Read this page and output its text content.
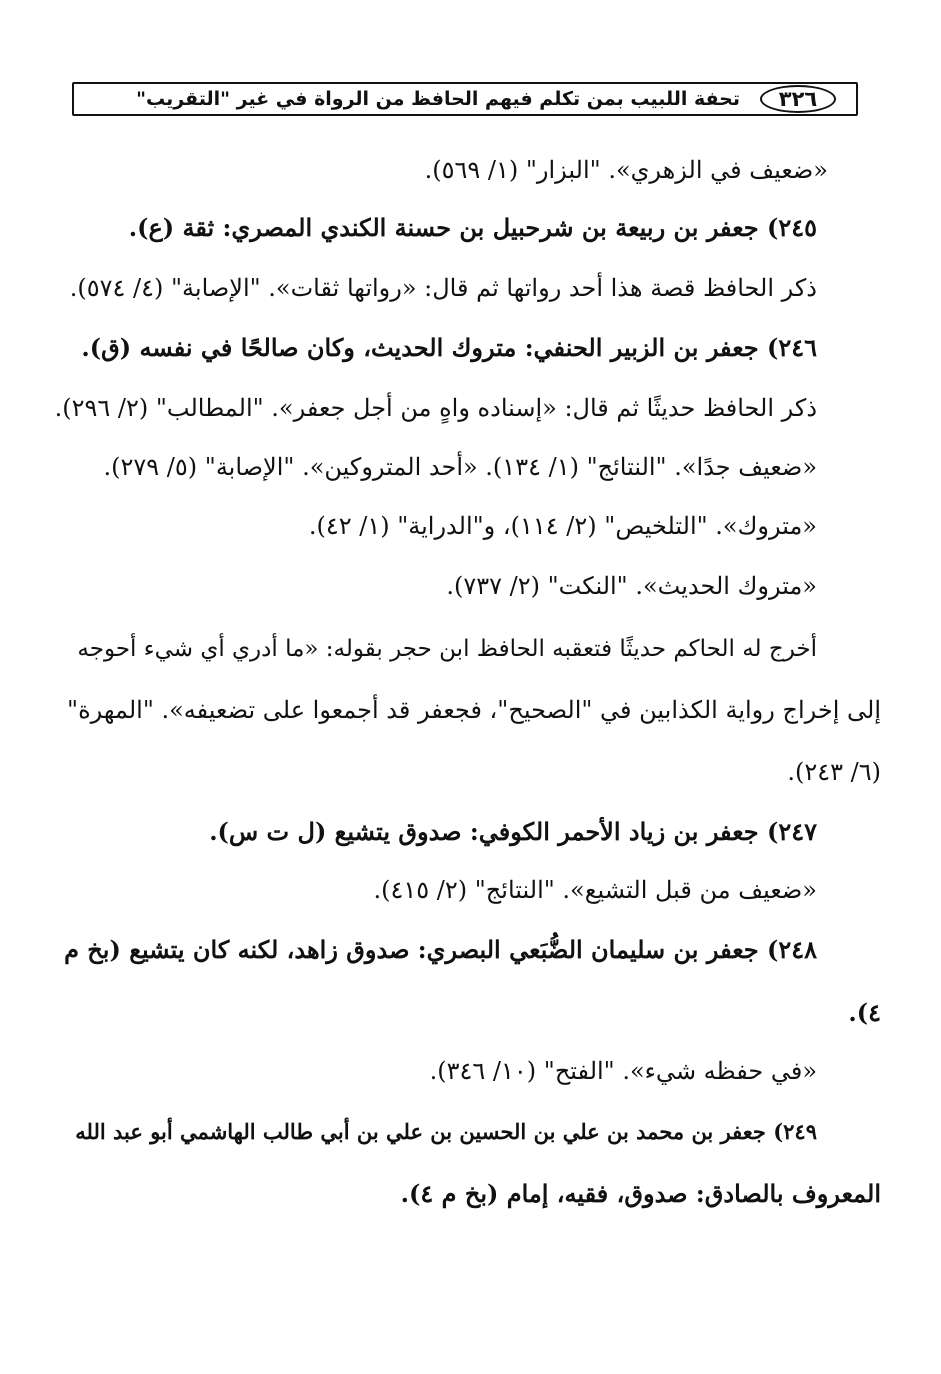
تحفة اللبيب بمن تكلم فيهم الحافظ من الرواة في غير "التقريب"	٣٢٦
«ضعيف في الزهري». "البزار" (١/ ٥٦٩).
٢٤٥) جعفر بن ربيعة بن شرحبيل بن حسنة الكندي المصري: ثقة (ع).
ذكر الحافظ قصة هذا أحد رواتها ثم قال: «رواتها ثقات». "الإصابة" (٤/ ٥٧٤).
٢٤٦) جعفر بن الزبير الحنفي: متروك الحديث، وكان صالحًا في نفسه (ق).
ذكر الحافظ حديثًا ثم قال: «إسناده واهٍ من أجل جعفر». "المطالب" (٢/ ٢٩٦).
«ضعيف جدًا». "النتائج" (١/ ١٣٤). «أحد المتروكين». "الإصابة" (٥/ ٢٧٩).
«متروك». "التلخيص" (٢/ ١١٤)، و"الدراية" (١/ ٤٢).
«متروك الحديث». "النكت" (٢/ ٧٣٧).
أخرج له الحاكم حديثًا فتعقبه الحافظ ابن حجر بقوله: «ما أدري أي شيء أحوجه
إلى إخراج رواية الكذابين في "الصحيح"، فجعفر قد أجمعوا على تضعيفه». "المهرة"
(٦/ ٢٤٣).
٢٤٧) جعفر بن زياد الأحمر الكوفي: صدوق يتشيع (ل ت س).
«ضعيف من قبل التشيع». "النتائج" (٢/ ٤١٥).
٢٤٨) جعفر بن سليمان الضُّبَعي البصري: صدوق زاهد، لكنه كان يتشيع (بخ م
٤).
«في حفظه شيء». "الفتح" (١٠/ ٣٤٦).
٢٤٩) جعفر بن محمد بن علي بن الحسين بن علي بن أبي طالب الهاشمي أبو عبد الله
المعروف بالصادق: صدوق، فقيه، إمام (بخ م ٤).
